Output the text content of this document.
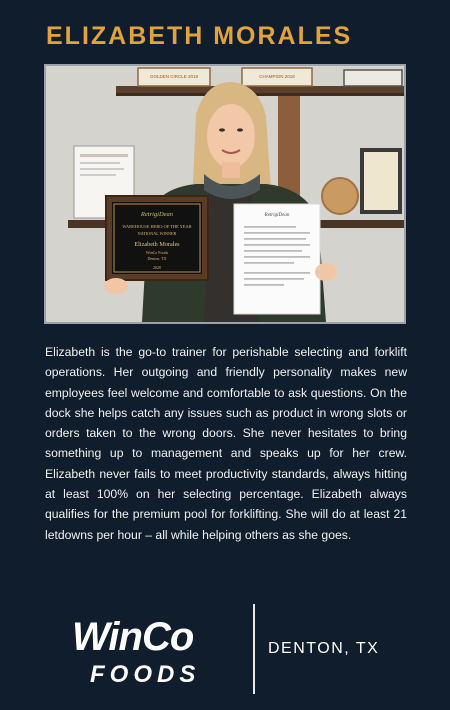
ELIZABETH MORALES
GOLDEN CIRCLE 2019	CHAMPION 2018
RetrigiDean
WAREHOUSE HERO OF THE YEAR
NATIONAL WINNER
Elizabeth Morales
WinCo Foods
Denton, TX
2020
RetrigiDean

Elizabeth is the go-to trainer for perishable selecting and forklift operations. Her outgoing and friendly personality makes new employees feel welcome and comfortable to ask questions. On the dock she helps catch any issues such as product in wrong slots or orders taken to the wrong doors. She never hesitates to bring something up to management and speaks up for her crew. Elizabeth never fails to meet productivity standards, always hitting at least 100% on her selecting percentage. Elizabeth always qualifies for the premium pool for forklifting. She will do at least 21 letdowns per hour – all while helping others as she goes.

WinCo
FOODS
DENTON, TX
